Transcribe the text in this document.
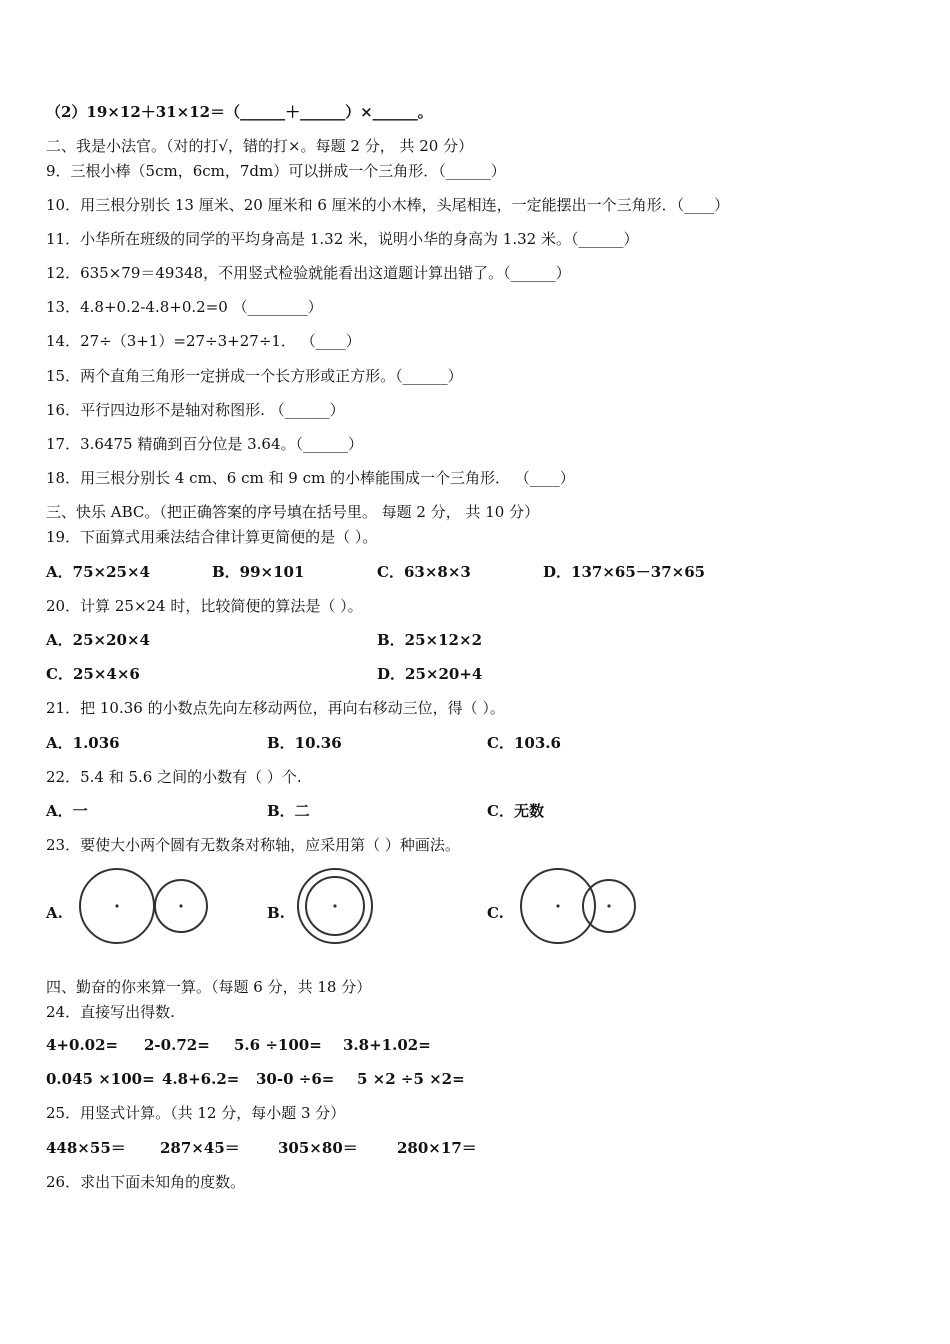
（2）19×12＋31×12＝（______＋______）×______。
二、我是小法官。（对的打√，错的打×。每题 2 分， 共 20 分）
9．三根小棒（5cm，6cm，7dm）可以拼成一个三角形．（______）
10．用三根分别长 13 厘米、20 厘米和 6 厘米的小木棒，头尾相连，一定能摆出一个三角形．（____）
11．小华所在班级的同学的平均身高是 1.32 米，说明小华的身高为 1.32 米。（______）
12．635×79＝49348，不用竖式检验就能看出这道题计算出错了。（______）
13．4.8+0.2-4.8+0.2=0 （________）
14．27÷（3+1）=27÷3+27÷1． （____）
15．两个直角三角形一定拼成一个长方形或正方形。（______）
16．平行四边形不是轴对称图形. （______）
17．3.6475 精确到百分位是 3.64。（______）
18．用三根分别长 4 cm、6 cm 和 9 cm 的小棒能围成一个三角形． （____）
三、快乐 ABC。（把正确答案的序号填在括号里。 每题 2 分， 共 10 分）
19．下面算式用乘法结合律计算更简便的是（ ）。
A．75×25×4	B．99×101	C．63×8×3	D．137×65－37×65
20．计算 25×24 时，比较简便的算法是（ ）。
A．25×20×4	B．25×12×2
C．25×4×6	D．25×20+4
21．把 10.36 的小数点先向左移动两位，再向右移动三位，得（ ）。
A．1.036	B．10.36	C．103.6
22．5.4 和 5.6 之间的小数有（ ）个.
A．一	B．二	C．无数
23．要使大小两个圆有无数条对称轴，应采用第（ ）种画法。
A.	B.	C.
四、勤奋的你来算一算。（每题 6 分，共 18 分）
24．直接写出得数.
4+0.02= 2-0.72= 5.6 ÷100= 3.8+1.02=
0.045 ×100= 4.8+6.2= 30-0 ÷6= 5 ×2 ÷5 ×2=
25．用竖式计算。（共 12 分，每小题 3 分）
448×55＝ 287×45＝	305×80＝	280×17＝
26．求出下面未知角的度数。
